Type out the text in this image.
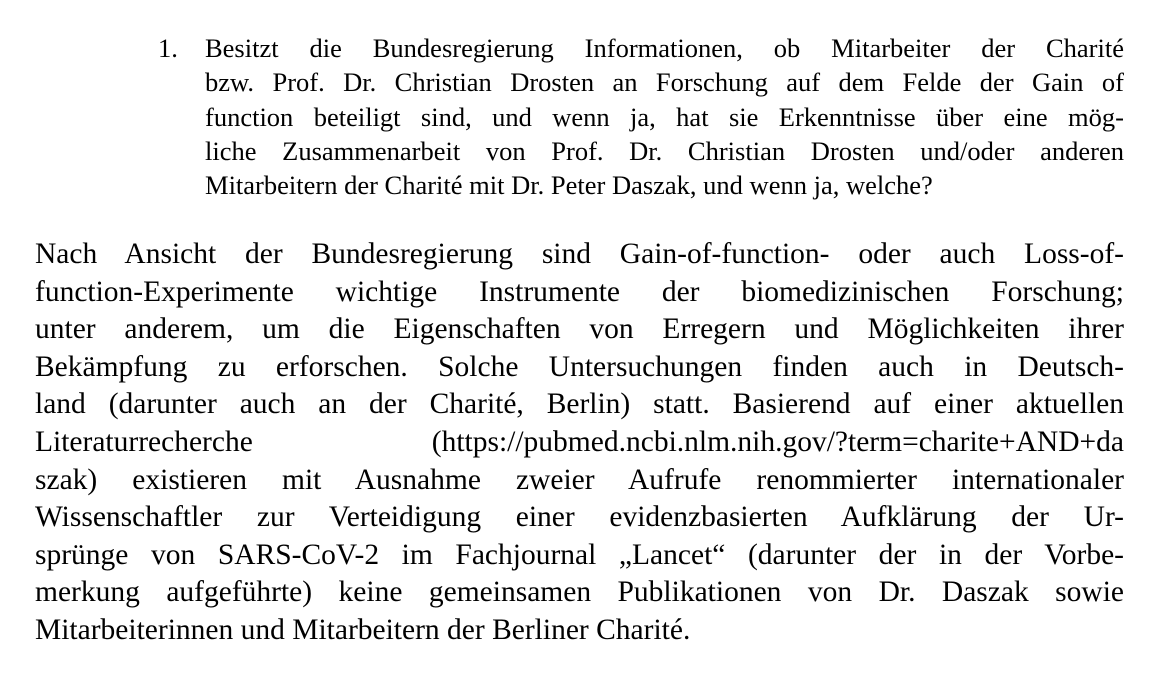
1. Besitzt die Bundesregierung Informationen, ob Mitarbeiter der Charité
bzw. Prof. Dr. Christian Drosten an Forschung auf dem Felde der Gain of
function beteiligt sind, und wenn ja, hat sie Erkenntnisse über eine mög-
liche Zusammenarbeit von Prof. Dr. Christian Drosten und/oder anderen
Mitarbeitern der Charité mit Dr. Peter Daszak, und wenn ja, welche?
Nach Ansicht der Bundesregierung sind Gain-of-function- oder auch Loss-of-
function-Experimente wichtige Instrumente der biomedizinischen Forschung;
unter anderem, um die Eigenschaften von Erregern und Möglichkeiten ihrer
Bekämpfung zu erforschen. Solche Untersuchungen finden auch in Deutsch-
land (darunter auch an der Charité, Berlin) statt. Basierend auf einer aktuellen
Literaturrecherche (https://pubmed.ncbi.nlm.nih.gov/?term=charite+AND+da
szak) existieren mit Ausnahme zweier Aufrufe renommierter internationaler
Wissenschaftler zur Verteidigung einer evidenzbasierten Aufklärung der Ur-
sprünge von SARS-CoV-2 im Fachjournal „Lancet“ (darunter der in der Vorbe-
merkung aufgeführte) keine gemeinsamen Publikationen von Dr. Daszak sowie
Mitarbeiterinnen und Mitarbeitern der Berliner Charité.
